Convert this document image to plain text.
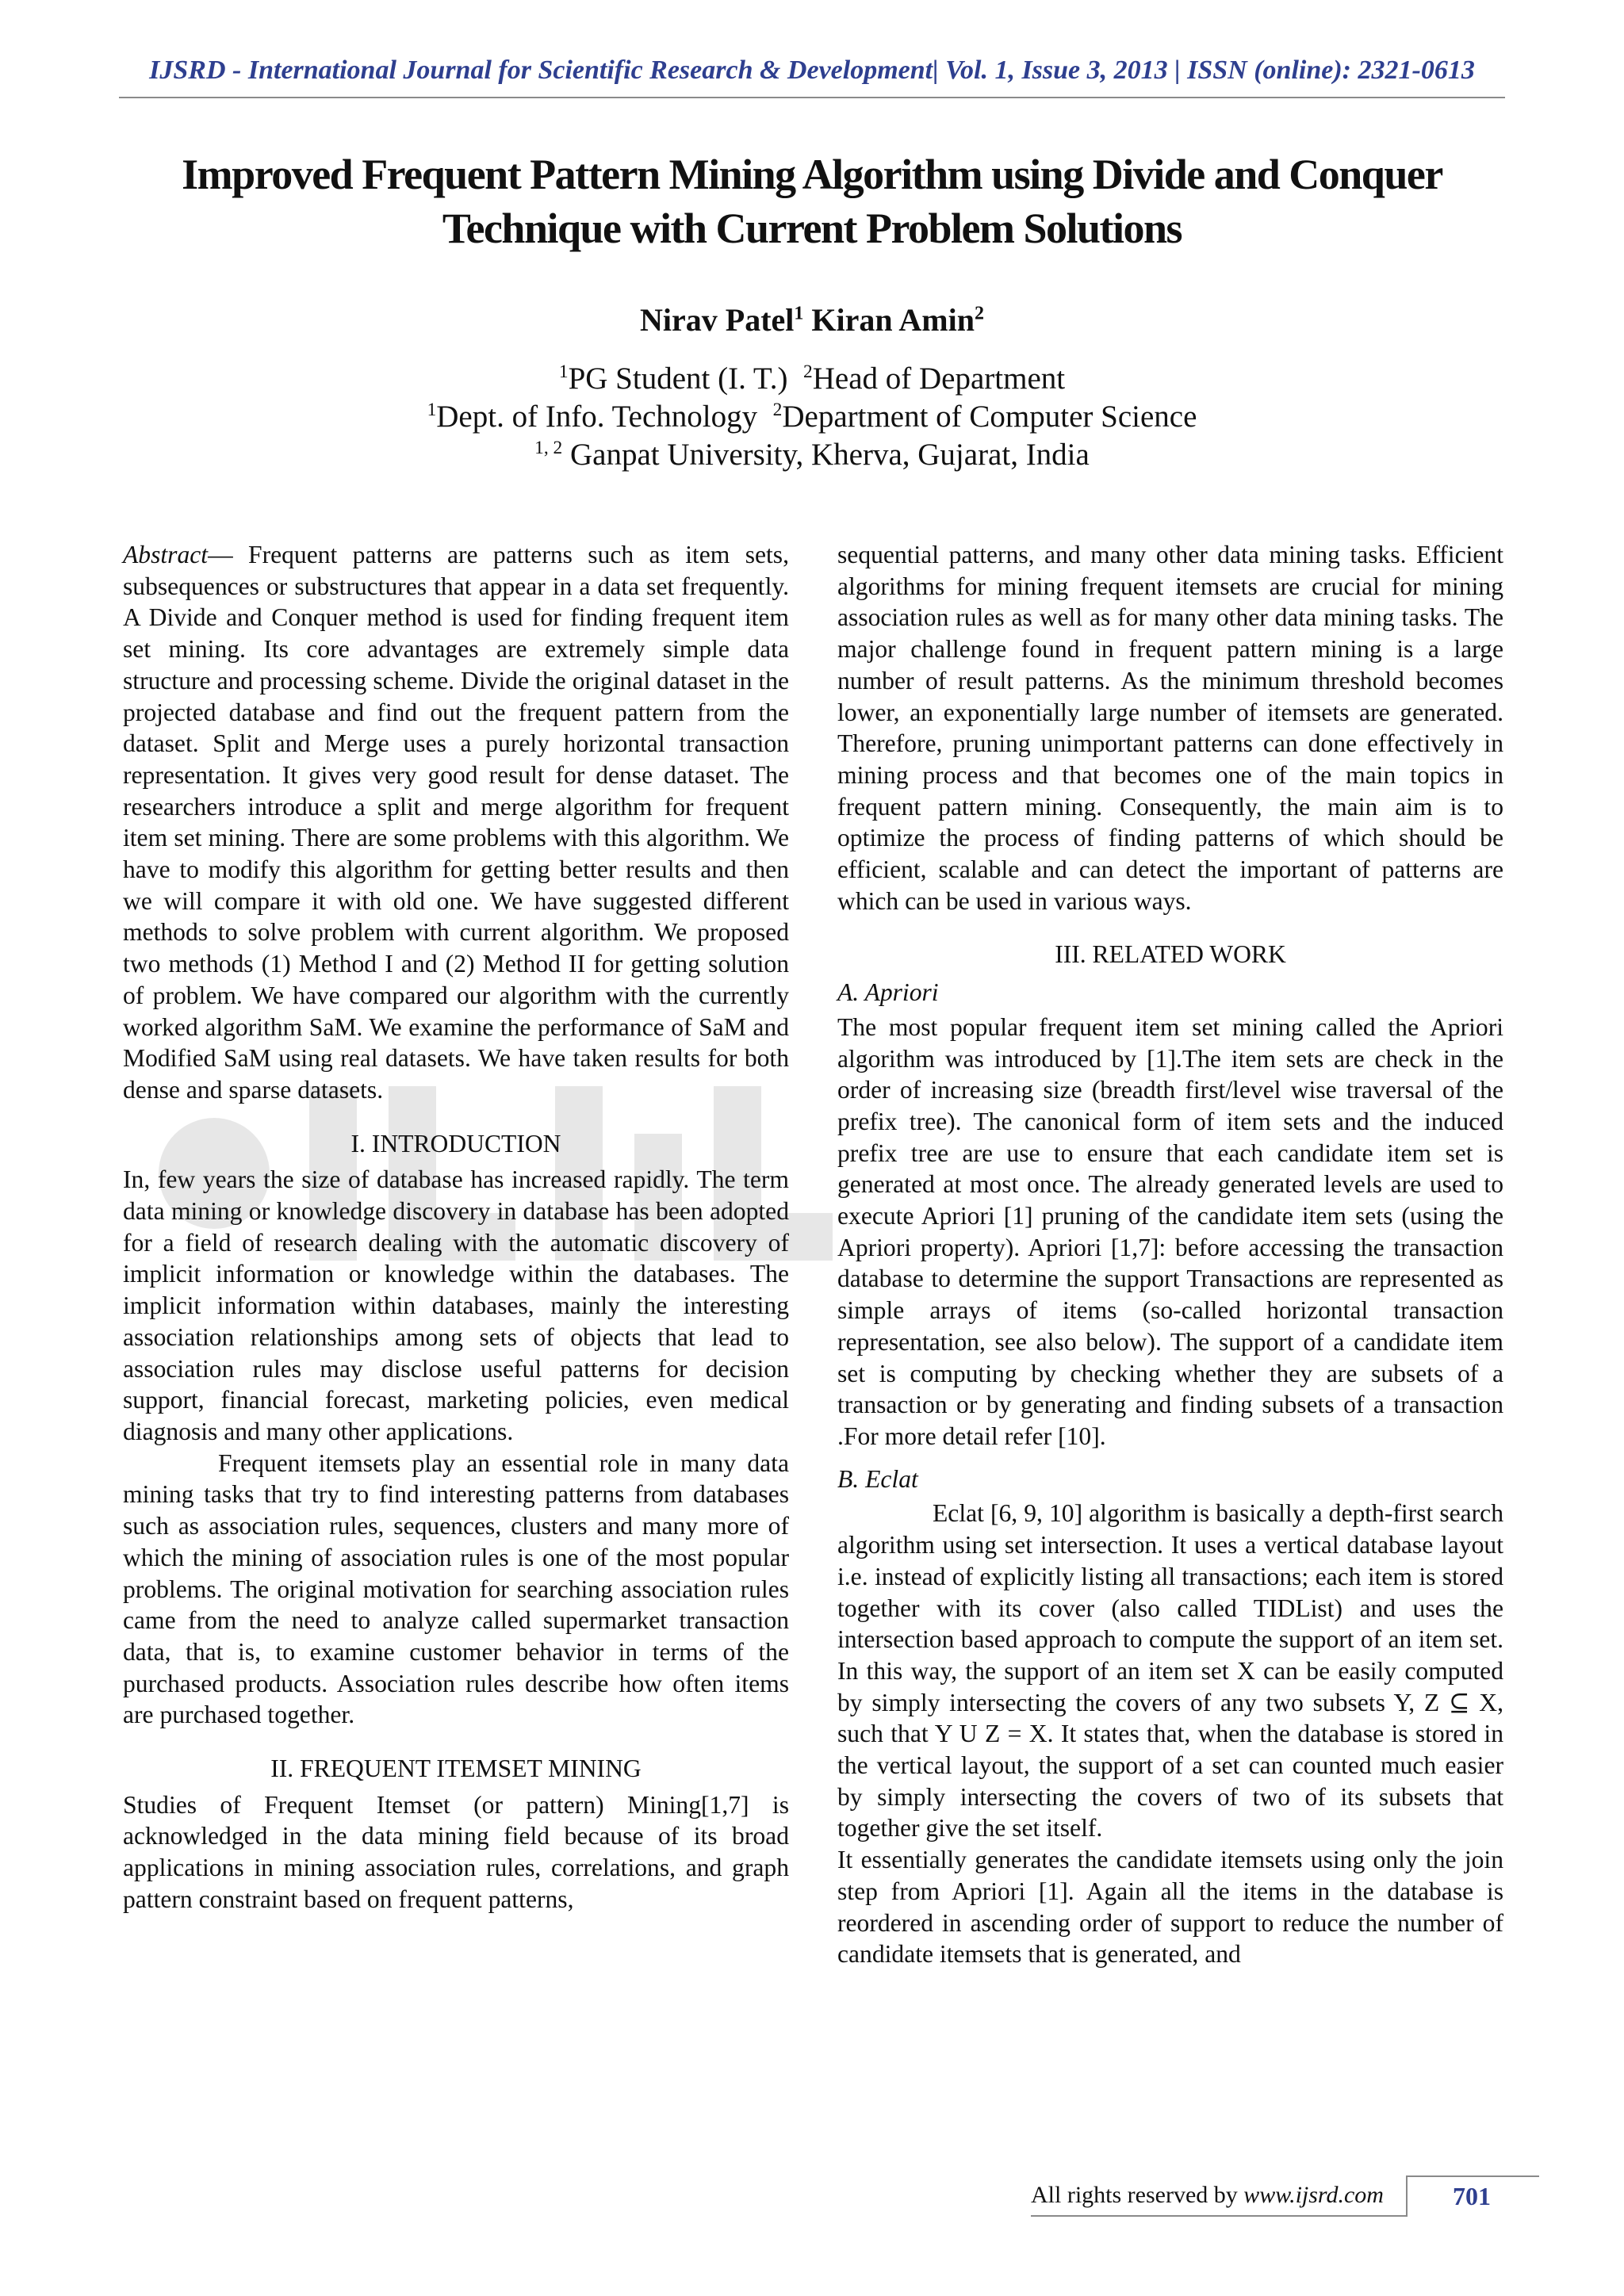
IJSRD - International Journal for Scientific Research & Development| Vol. 1, Issue 3, 2013 | ISSN (online): 2321-0613
Improved Frequent Pattern Mining Algorithm using Divide and Conquer
Technique with Current Problem Solutions
Nirav Patel$^1$ Kiran Amin$^2$
$^1$PG Student (I. T.) $^2$Head of Department
$^1$Dept. of Info. Technology $^2$Department of Computer Science
$^{1, 2}$ Ganpat University, Kherva, Gujarat, India

Abstract— Frequent patterns are patterns such as item sets, subsequences or substructures that appear in a data set frequently. A Divide and Conquer method is used for finding frequent item set mining. Its core advantages are extremely simple data structure and processing scheme. Divide the original dataset in the projected database and find out the frequent pattern from the dataset. Split and Merge uses a purely horizontal transaction representation. It gives very good result for dense dataset. The researchers introduce a split and merge algorithm for frequent item set mining. There are some problems with this algorithm. We have to modify this algorithm for getting better results and then we will compare it with old one. We have suggested different methods to solve problem with current algorithm. We proposed two methods (1) Method I and (2) Method II for getting solution of problem. We have compared our algorithm with the currently worked algorithm SaM. We examine the performance of SaM and Modified SaM using real datasets. We have taken results for both dense and sparse datasets.

I. INTRODUCTION

In, few years the size of database has increased rapidly. The term data mining or knowledge discovery in database has been adopted for a field of research dealing with the automatic discovery of implicit information or knowledge within the databases. The implicit information within databases, mainly the interesting association relationships among sets of objects that lead to association rules may disclose useful patterns for decision support, financial forecast, marketing policies, even medical diagnosis and many other applications.

Frequent itemsets play an essential role in many data mining tasks that try to find interesting patterns from databases such as association rules, sequences, clusters and many more of which the mining of association rules is one of the most popular problems. The original motivation for searching association rules came from the need to analyze called supermarket transaction data, that is, to examine customer behavior in terms of the purchased products. Association rules describe how often items are purchased together.

II. FREQUENT ITEMSET MINING

Studies of Frequent Itemset (or pattern) Mining[1,7] is acknowledged in the data mining field because of its broad applications in mining association rules, correlations, and graph pattern constraint based on frequent patterns,

sequential patterns, and many other data mining tasks. Efficient algorithms for mining frequent itemsets are crucial for mining association rules as well as for many other data mining tasks. The major challenge found in frequent pattern mining is a large number of result patterns. As the minimum threshold becomes lower, an exponentially large number of itemsets are generated. Therefore, pruning unimportant patterns can done effectively in mining process and that becomes one of the main topics in frequent pattern mining. Consequently, the main aim is to optimize the process of finding patterns of which should be efficient, scalable and can detect the important of patterns are which can be used in various ways.

III. RELATED WORK
A. Apriori

The most popular frequent item set mining called the Apriori algorithm was introduced by [1].The item sets are check in the order of increasing size (breadth first/level wise traversal of the prefix tree). The canonical form of item sets and the induced prefix tree are use to ensure that each candidate item set is generated at most once. The already generated levels are used to execute Apriori [1] pruning of the candidate item sets (using the Apriori property). Apriori [1,7]: before accessing the transaction database to determine the support Transactions are represented as simple arrays of items (so-called horizontal transaction representation, see also below). The support of a candidate item set is computing by checking whether they are subsets of a transaction or by generating and finding subsets of a transaction .For more detail refer [10].

B. Eclat

Eclat [6, 9, 10] algorithm is basically a depth-first search algorithm using set intersection. It uses a vertical database layout i.e. instead of explicitly listing all transactions; each item is stored together with its cover (also called TIDList) and uses the intersection based approach to compute the support of an item set. In this way, the support of an item set X can be easily computed by simply intersecting the covers of any two subsets Y, Z ⊆ X, such that Y U Z = X. It states that, when the database is stored in the vertical layout, the support of a set can counted much easier by simply intersecting the covers of two of its subsets that together give the set itself.

It essentially generates the candidate itemsets using only the join step from Apriori [1]. Again all the items in the database is reordered in ascending order of support to reduce the number of candidate itemsets that is generated, and

All rights reserved by www.ijsrd.com	701
